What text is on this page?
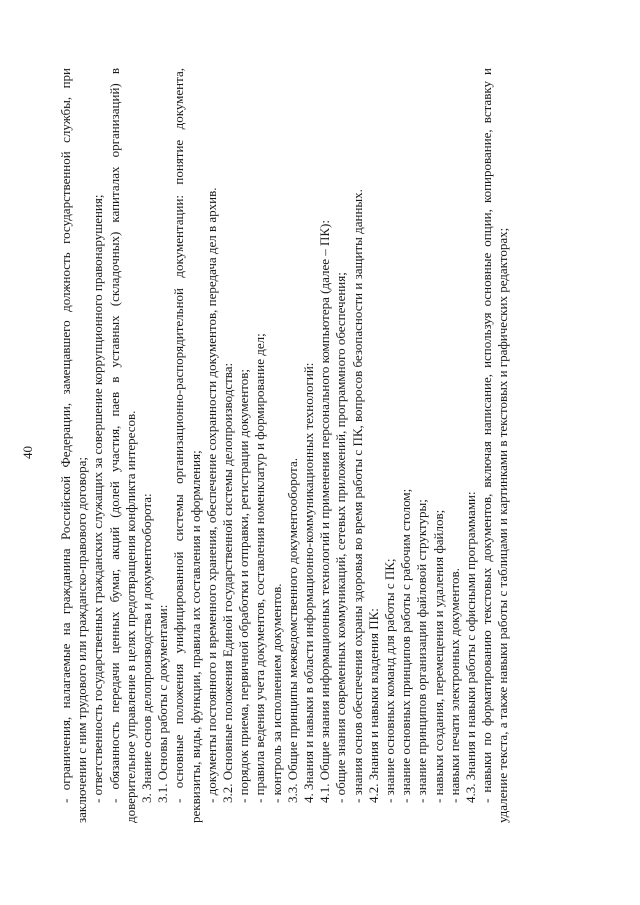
40 - ограничения, налагаемые на гражданина Российской Федерации, замещавшего должность государственной службы, при заключении с ним трудового или гражданско-правового договора; - ответственность государственных гражданских служащих за совершение коррупционного правонарушения; - обязанность передачи ценных бумаг, акций (долей участия, паев в уставных (складочных) капиталах организаций) в доверительное управление в целях предотвращения конфликта интересов. 3. Знание основ делопроизводства и документооборота: 3.1. Основы работы с документами: - основные положения унифицированной системы организационно-распорядительной документации: понятие документа, реквизиты, виды, функции, правила их составления и оформления; - документы постоянного и временного хранения, обеспечение сохранности документов, передача дел в архив. 3.2. Основные положения Единой государственной системы делопроизводства: - порядок приема, первичной обработки и отправки, регистрации документов; - правила ведения учета документов, составления номенклатур и формирование дел; - контроль за исполнением документов. 3.3. Общие принципы межведомственного документооборота. 4. Знания и навыки в области информационно-коммуникационных технологий: 4.1. Общие знания информационных технологий и применения персонального компьютера (далее – ПК): - общие знания современных коммуникаций, сетевых приложений, программного обеспечения; - знания основ обеспечения охраны здоровья во время работы с ПК, вопросов безопасности и защиты данных. 4.2. Знания и навыки владения ПК: - знание основных команд для работы с ПК; - знание основных принципов работы с рабочим столом; - знание принципов организации файловой структуры; - навыки создания, перемещения и удаления файлов; - навыки печати электронных документов. 4.3. Знания и навыки работы с офисными программами: - навыки по форматированию текстовых документов, включая написание, используя основные опции, копирование, вставку и удаление текста, а также навыки работы с таблицами и картинками в текстовых и графических редакторах;
